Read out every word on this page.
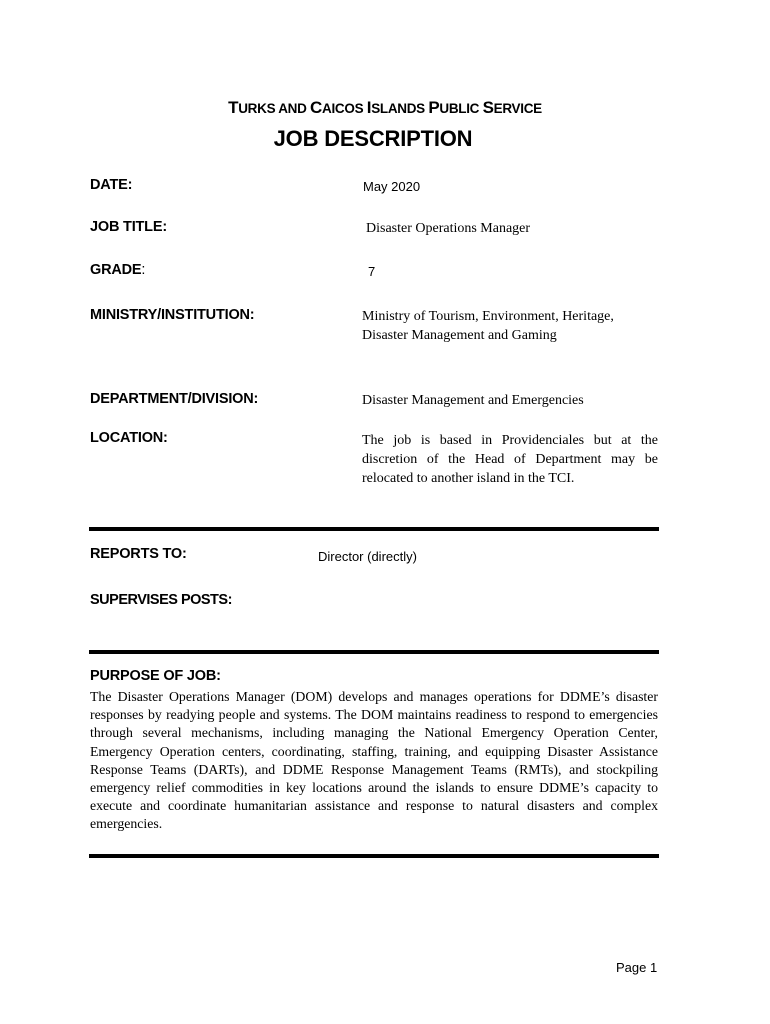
TURKS AND CAICOS ISLANDS PUBLIC SERVICE
JOB DESCRIPTION
DATE:	May 2020
JOB TITLE:	Disaster Operations Manager
GRADE:	7
MINISTRY/INSTITUTION:	Ministry of Tourism, Environment, Heritage,
Disaster Management and Gaming
DEPARTMENT/DIVISION:	Disaster Management and Emergencies
LOCATION:	The job is based in Providenciales but at the
discretion of the Head of Department may be
relocated to another island in the TCI.
REPORTS TO:	Director (directly)
SUPERVISES POSTS:
PURPOSE OF JOB:
The Disaster Operations Manager (DOM) develops and manages operations for DDME’s disaster responses by readying people and systems. The DOM maintains readiness to respond to emergencies through several mechanisms, including managing the National Emergency Operation Center, Emergency Operation centers, coordinating, staffing, training, and equipping Disaster Assistance Response Teams (DARTs), and DDME Response Management Teams (RMTs), and stockpiling emergency relief commodities in key locations around the islands to ensure DDME’s capacity to execute and coordinate humanitarian assistance and response to natural disasters and complex emergencies.
Page 1
